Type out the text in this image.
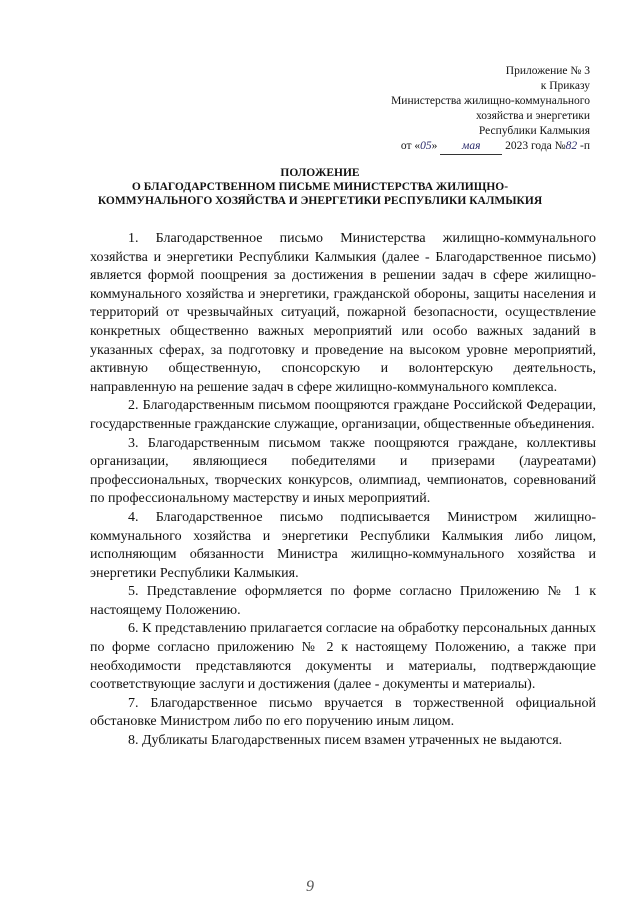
Приложение № 3
к Приказу
Министерства жилищно-коммунального
хозяйства и энергетики
Республики Калмыкия
от «05» мая 2023 года №82 -п
ПОЛОЖЕНИЕ
О БЛАГОДАРСТВЕННОМ ПИСЬМЕ МИНИСТЕРСТВА ЖИЛИЩНО-
КОММУНАЛЬНОГО ХОЗЯЙСТВА И ЭНЕРГЕТИКИ РЕСПУБЛИКИ КАЛМЫКИЯ

1. Благодарственное письмо Министерства жилищно-коммунального хозяйства и энергетики Республики Калмыкия (далее - Благодарственное письмо) является формой поощрения за достижения в решении задач в сфере жилищно-коммунального хозяйства и энергетики, гражданской обороны, защиты населения и территорий от чрезвычайных ситуаций, пожарной безопасности, осуществление конкретных общественно важных мероприятий или особо важных заданий в указанных сферах, за подготовку и проведение на высоком уровне мероприятий, активную общественную, спонсорскую и волонтерскую деятельность, направленную на решение задач в сфере жилищно-коммунального комплекса.

2. Благодарственным письмом поощряются граждане Российской Федерации, государственные гражданские служащие, организации, общественные объединения.

3. Благодарственным письмом также поощряются граждане, коллективы организации, являющиеся победителями и призерами (лауреатами) профессиональных, творческих конкурсов, олимпиад, чемпионатов, соревнований по профессиональному мастерству и иных мероприятий.

4. Благодарственное письмо подписывается Министром жилищно-коммунального хозяйства и энергетики Республики Калмыкия либо лицом, исполняющим обязанности Министра жилищно-коммунального хозяйства и энергетики Республики Калмыкия.

5. Представление оформляется по форме согласно Приложению № 1 к настоящему Положению.

6. К представлению прилагается согласие на обработку персональных данных по форме согласно приложению № 2 к настоящему Положению, а также при необходимости представляются документы и материалы, подтверждающие соответствующие заслуги и достижения (далее - документы и материалы).

7. Благодарственное письмо вручается в торжественной официальной обстановке Министром либо по его поручению иным лицом.

8. Дубликаты Благодарственных писем взамен утраченных не выдаются.

9
